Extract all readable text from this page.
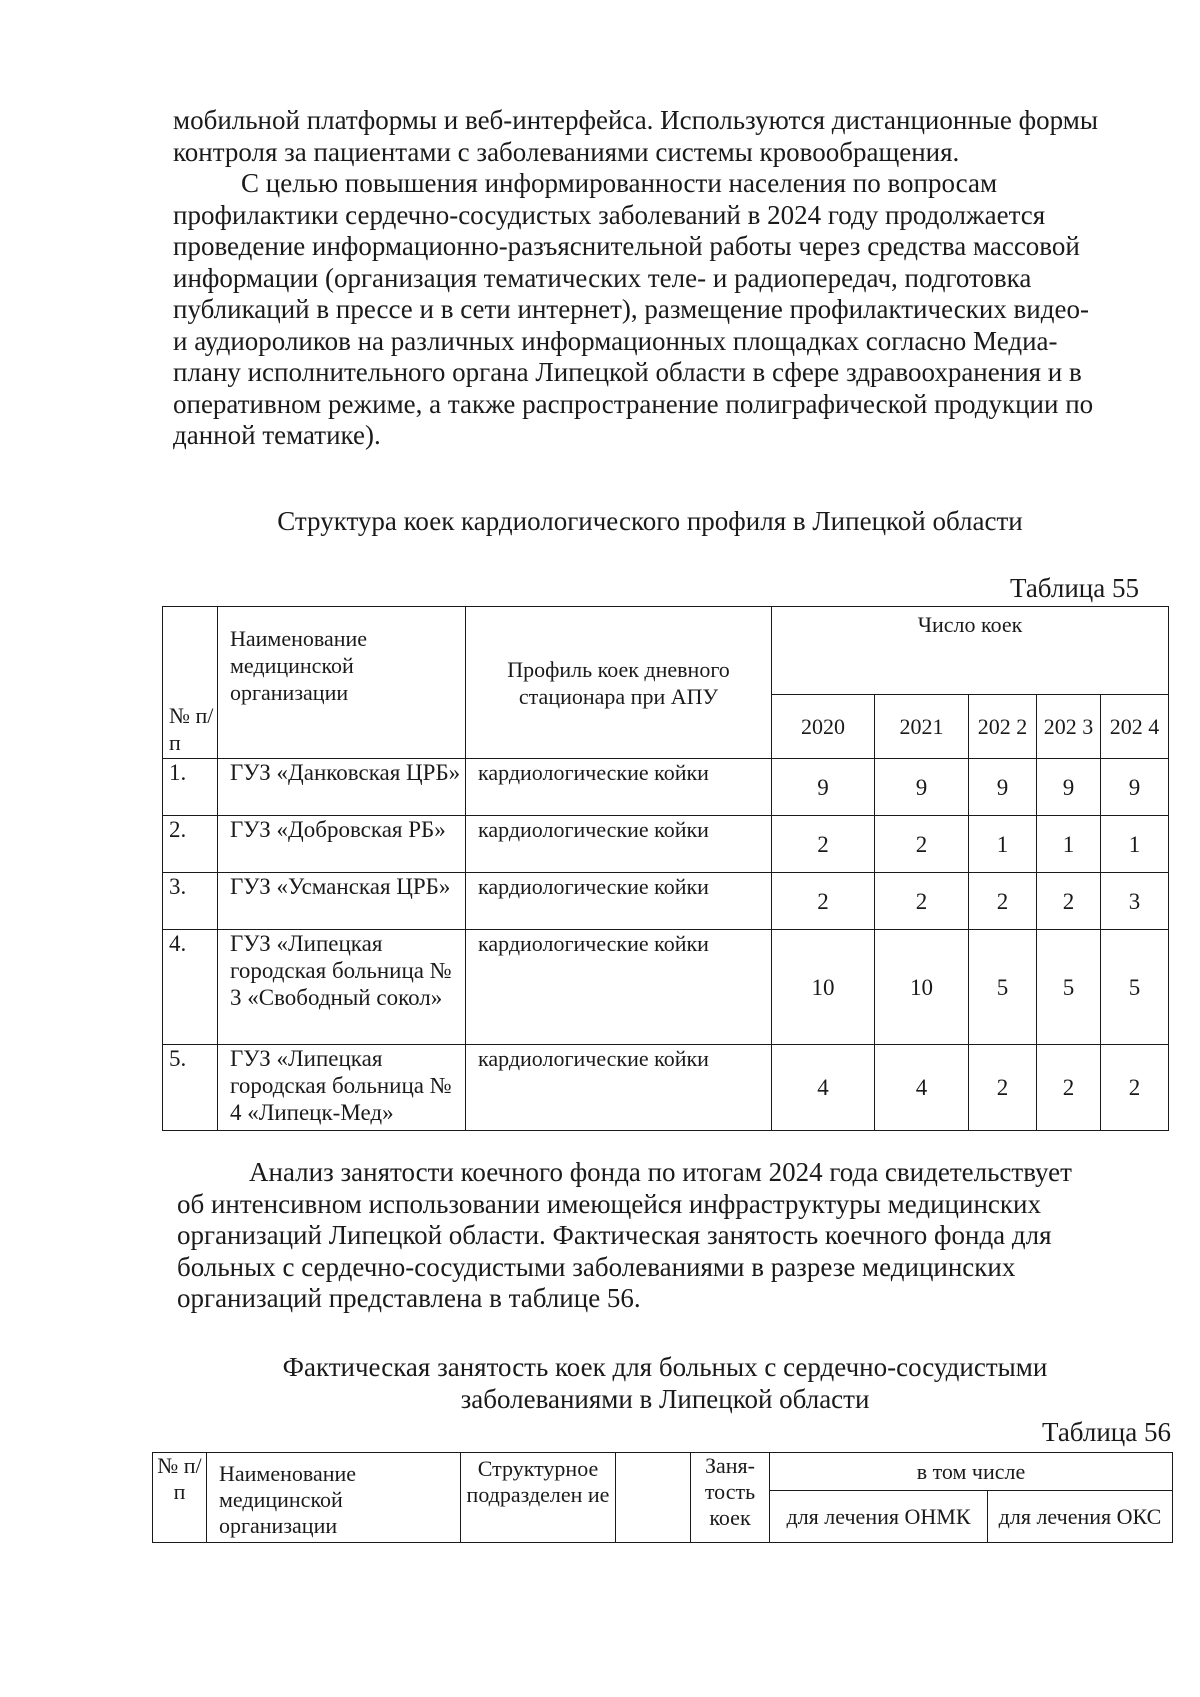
мобильной платформы и веб-интерфейса. Используются дистанционные формы
контроля за пациентами с заболеваниями системы кровообращения.

С целью повышения информированности населения по вопросам
профилактики сердечно-сосудистых заболеваний в 2024 году продолжается
проведение информационно-разъяснительной работы через средства массовой
информации (организация тематических теле- и радиопередач, подготовка
публикаций в прессе и в сети интернет), размещение профилактических видео-
и аудиороликов на различных информационных площадках согласно Медиа-
плану исполнительного органа Липецкой области в сфере здравоохранения и в
оперативном режиме, а также распространение полиграфической продукции по
данной тематике).

Структура коек кардиологического профиля в Липецкой области

Таблица 55

№ п/п	Наименование медицинской организации	Профиль коек дневного стационара при АПУ	Число коек				
			2020	2021	202 2	202 3	202 4
1.	ГУЗ «Данковская ЦРБ»	кардиологические койки	9	9	9	9	9
2.	ГУЗ «Добровская РБ»	кардиологические койки	2	2	1	1	1
3.	ГУЗ «Усманская ЦРБ»	кардиологические койки	2	2	2	2	3
4.	ГУЗ «Липецкая городская больница № 3 «Свободный сокол»	кардиологические койки	10	10	5	5	5
5.	ГУЗ «Липецкая городская больница № 4 «Липецк-Мед»	кардиологические койки	4	4	2	2	2

Анализ занятости коечного фонда по итогам 2024 года свидетельствует
об интенсивном использовании имеющейся инфраструктуры медицинских
организаций Липецкой области. Фактическая занятость коечного фонда для
больных с сердечно-сосудистыми заболеваниями в разрезе медицинских
организаций представлена в таблице 56.

Фактическая занятость коек для больных с сердечно-сосудистыми
заболеваниями в Липецкой области

Таблица 56

№ п/п	Наименование медицинской организации	Структурное подразделен ие		Заня- тость коек	в том числе	
					для лечения ОНМК	для лечения ОКС
